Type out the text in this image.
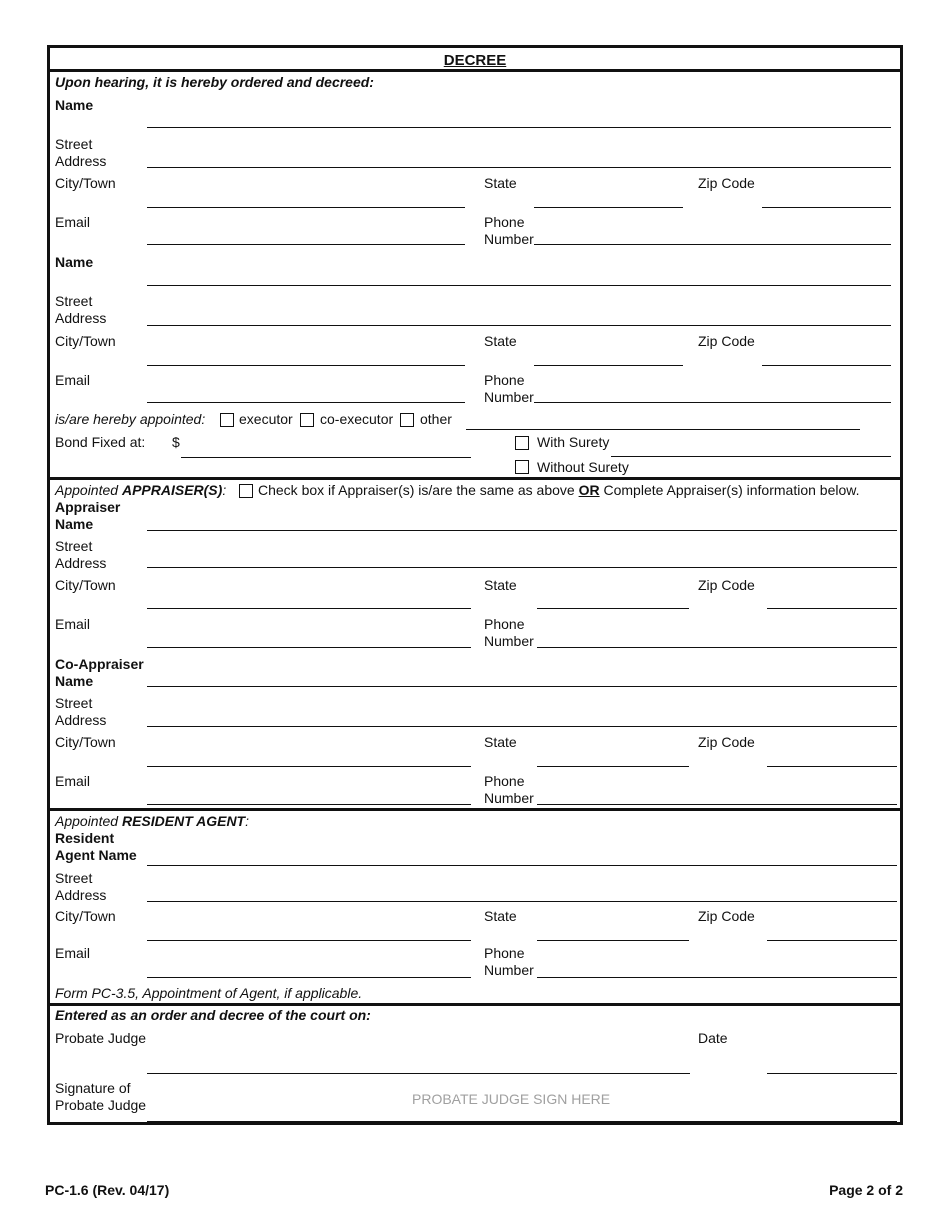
DECREE
Upon hearing, it is hereby ordered and decreed:
Name
Street
Address
City/Town	State	Zip Code
Email	Phone
Number
Name
Street
Address
City/Town	State	Zip Code
Email	Phone
Number
is/are hereby appointed: executor co-executor other
Bond Fixed at: $	With Surety
Without Surety
Appointed APPRAISER(S): Check box if Appraiser(s) is/are the same as above OR Complete Appraiser(s) information below.
Appraiser
Name
Street
Address
City/Town	State	Zip Code
Email	Phone
Number
Co-Appraiser
Name
Street
Address
City/Town	State	Zip Code
Email	Phone
Number
Appointed RESIDENT AGENT:
Resident
Agent Name
Street
Address
City/Town	State	Zip Code
Email	Phone
Number
Form PC-3.5, Appointment of Agent, if applicable.
Entered as an order and decree of the court on:
Probate Judge	Date
Signature of
Probate Judge	PROBATE JUDGE SIGN HERE
PC-1.6 (Rev. 04/17)	Page 2 of 2
